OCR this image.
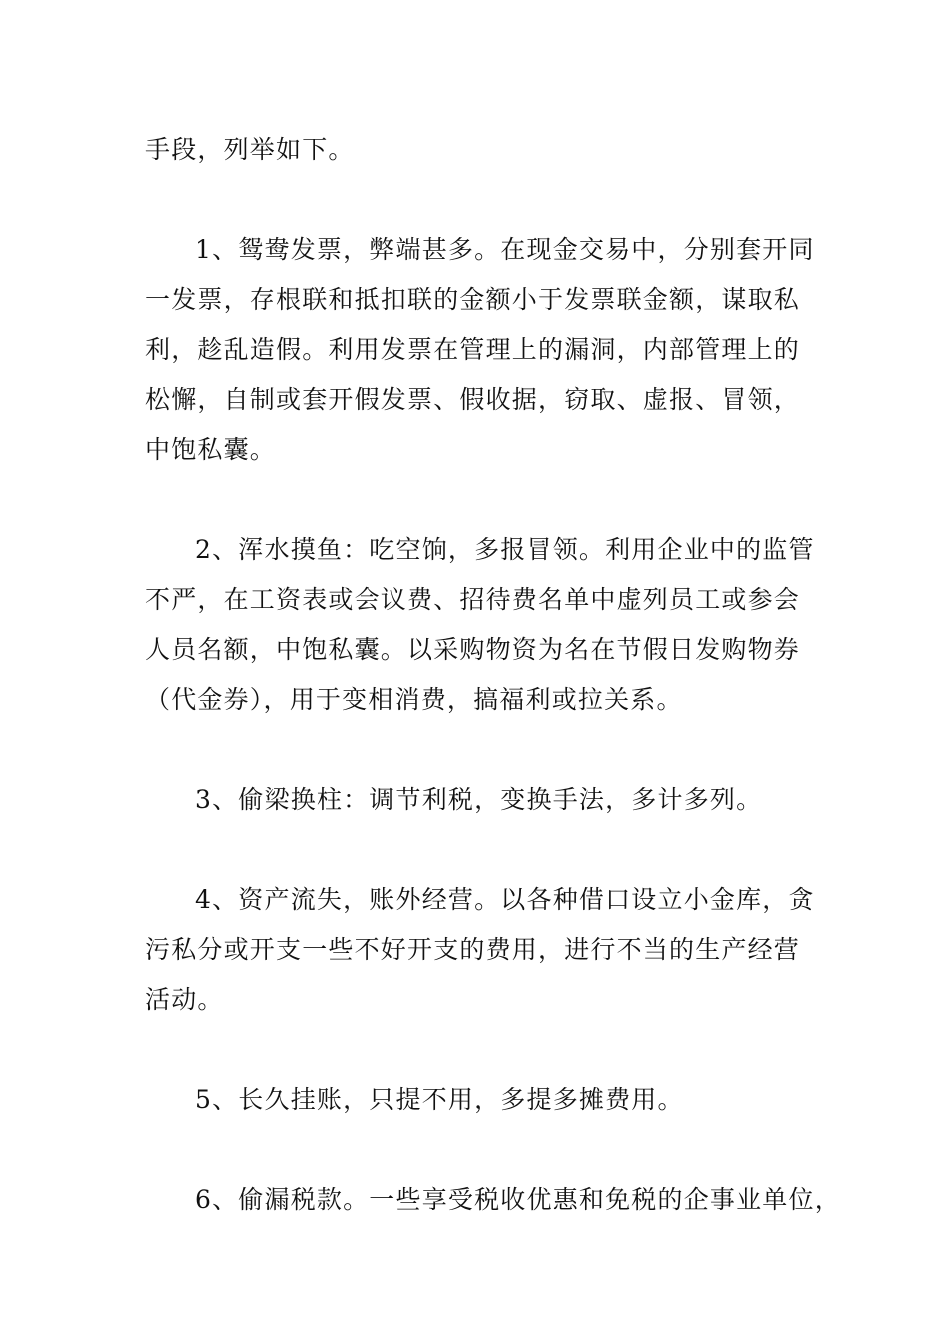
手段，列举如下。
1、鸳鸯发票，弊端甚多。在现金交易中，分别套开同
一发票，存根联和抵扣联的金额小于发票联金额，谋取私
利，趁乱造假。利用发票在管理上的漏洞，内部管理上的
松懈，自制或套开假发票、假收据，窃取、虚报、冒领，
中饱私囊。
2、浑水摸鱼：吃空饷，多报冒领。利用企业中的监管
不严，在工资表或会议费、招待费名单中虚列员工或参会
人员名额，中饱私囊。以采购物资为名在节假日发购物券
（代金券），用于变相消费，搞福利或拉关系。
3、偷梁换柱：调节利税，变换手法，多计多列。
4、资产流失，账外经营。以各种借口设立小金库，贪
污私分或开支一些不好开支的费用，进行不当的生产经营
活动。
5、长久挂账，只提不用，多提多摊费用。
6、偷漏税款。一些享受税收优惠和免税的企事业单位，
